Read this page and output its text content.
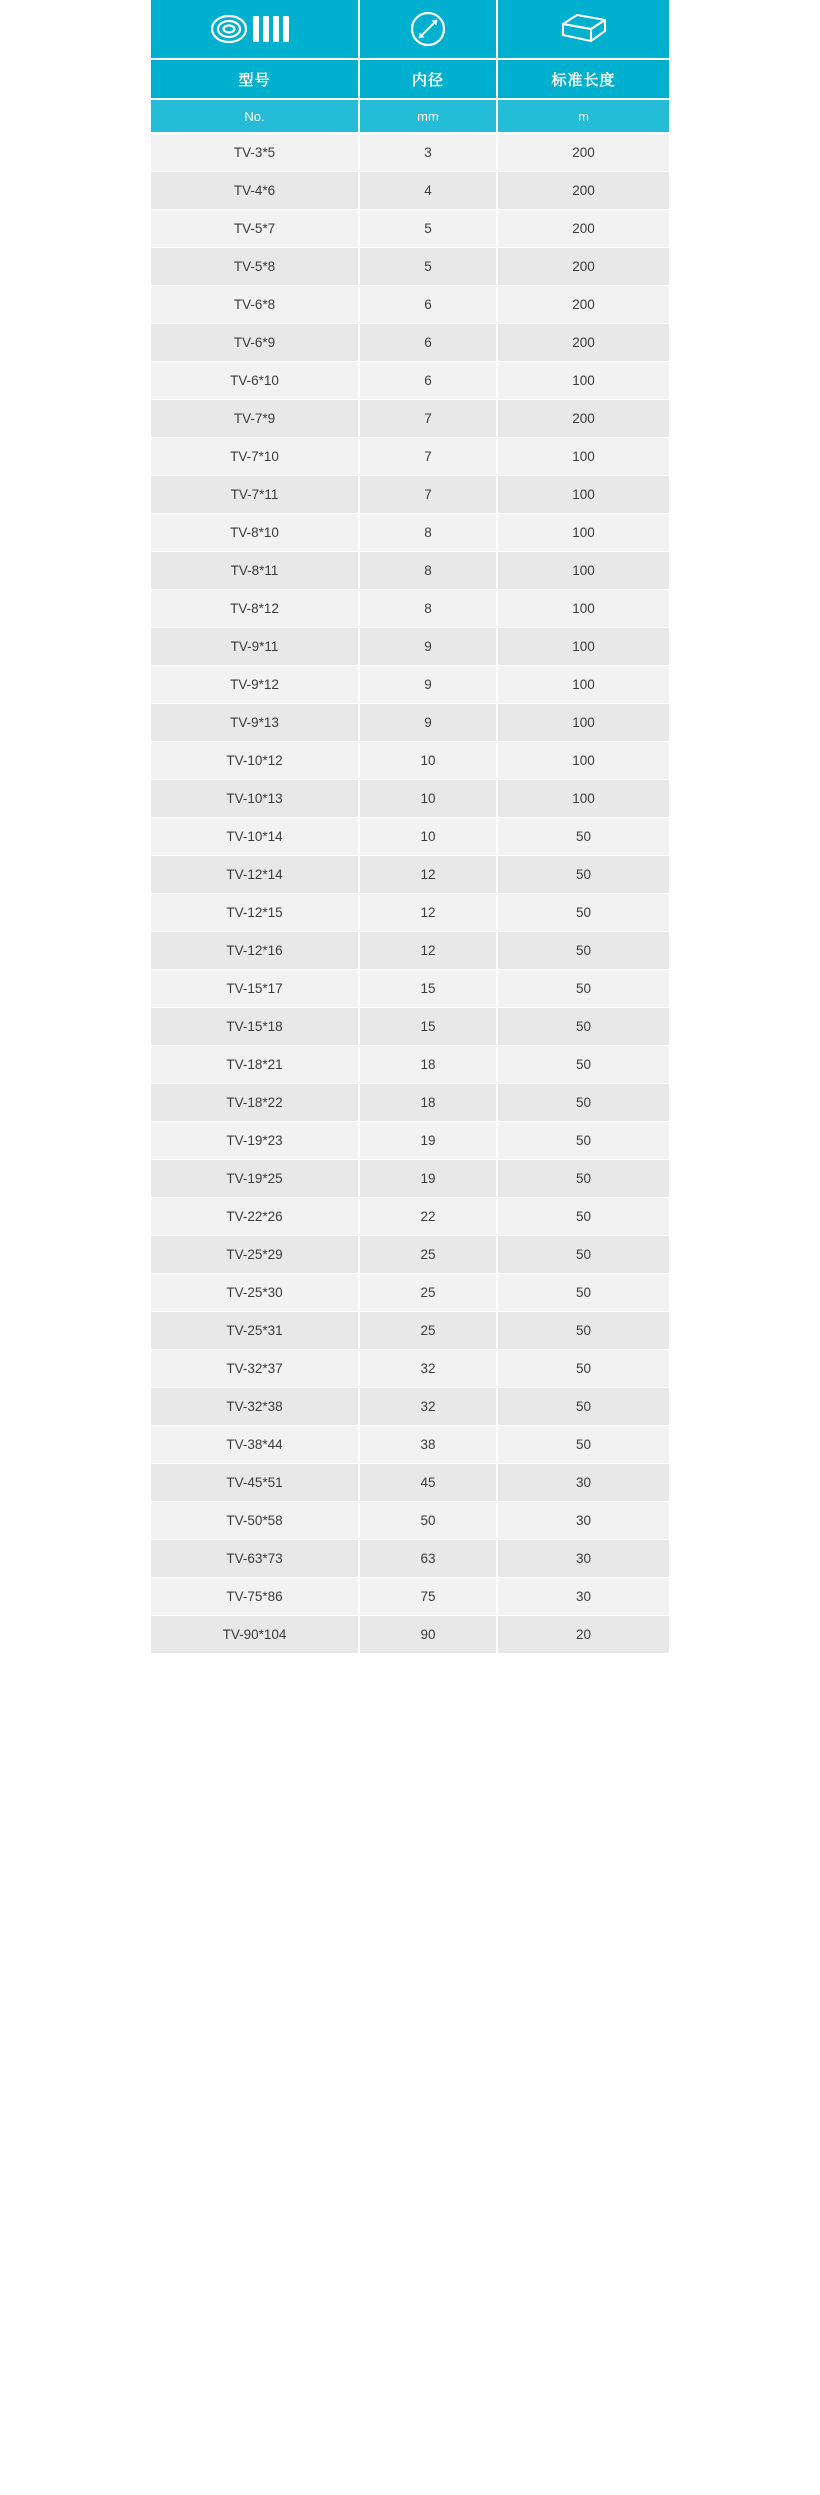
型号	内径	标准长度
No.	mm	m
TV-3*5	3	200
TV-4*6	4	200
TV-5*7	5	200
TV-5*8	5	200
TV-6*8	6	200
TV-6*9	6	200
TV-6*10	6	100
TV-7*9	7	200
TV-7*10	7	100
TV-7*11	7	100
TV-8*10	8	100
TV-8*11	8	100
TV-8*12	8	100
TV-9*11	9	100
TV-9*12	9	100
TV-9*13	9	100
TV-10*12	10	100
TV-10*13	10	100
TV-10*14	10	50
TV-12*14	12	50
TV-12*15	12	50
TV-12*16	12	50
TV-15*17	15	50
TV-15*18	15	50
TV-18*21	18	50
TV-18*22	18	50
TV-19*23	19	50
TV-19*25	19	50
TV-22*26	22	50
TV-25*29	25	50
TV-25*30	25	50
TV-25*31	25	50
TV-32*37	32	50
TV-32*38	32	50
TV-38*44	38	50
TV-45*51	45	30
TV-50*58	50	30
TV-63*73	63	30
TV-75*86	75	30
TV-90*104	90	20
